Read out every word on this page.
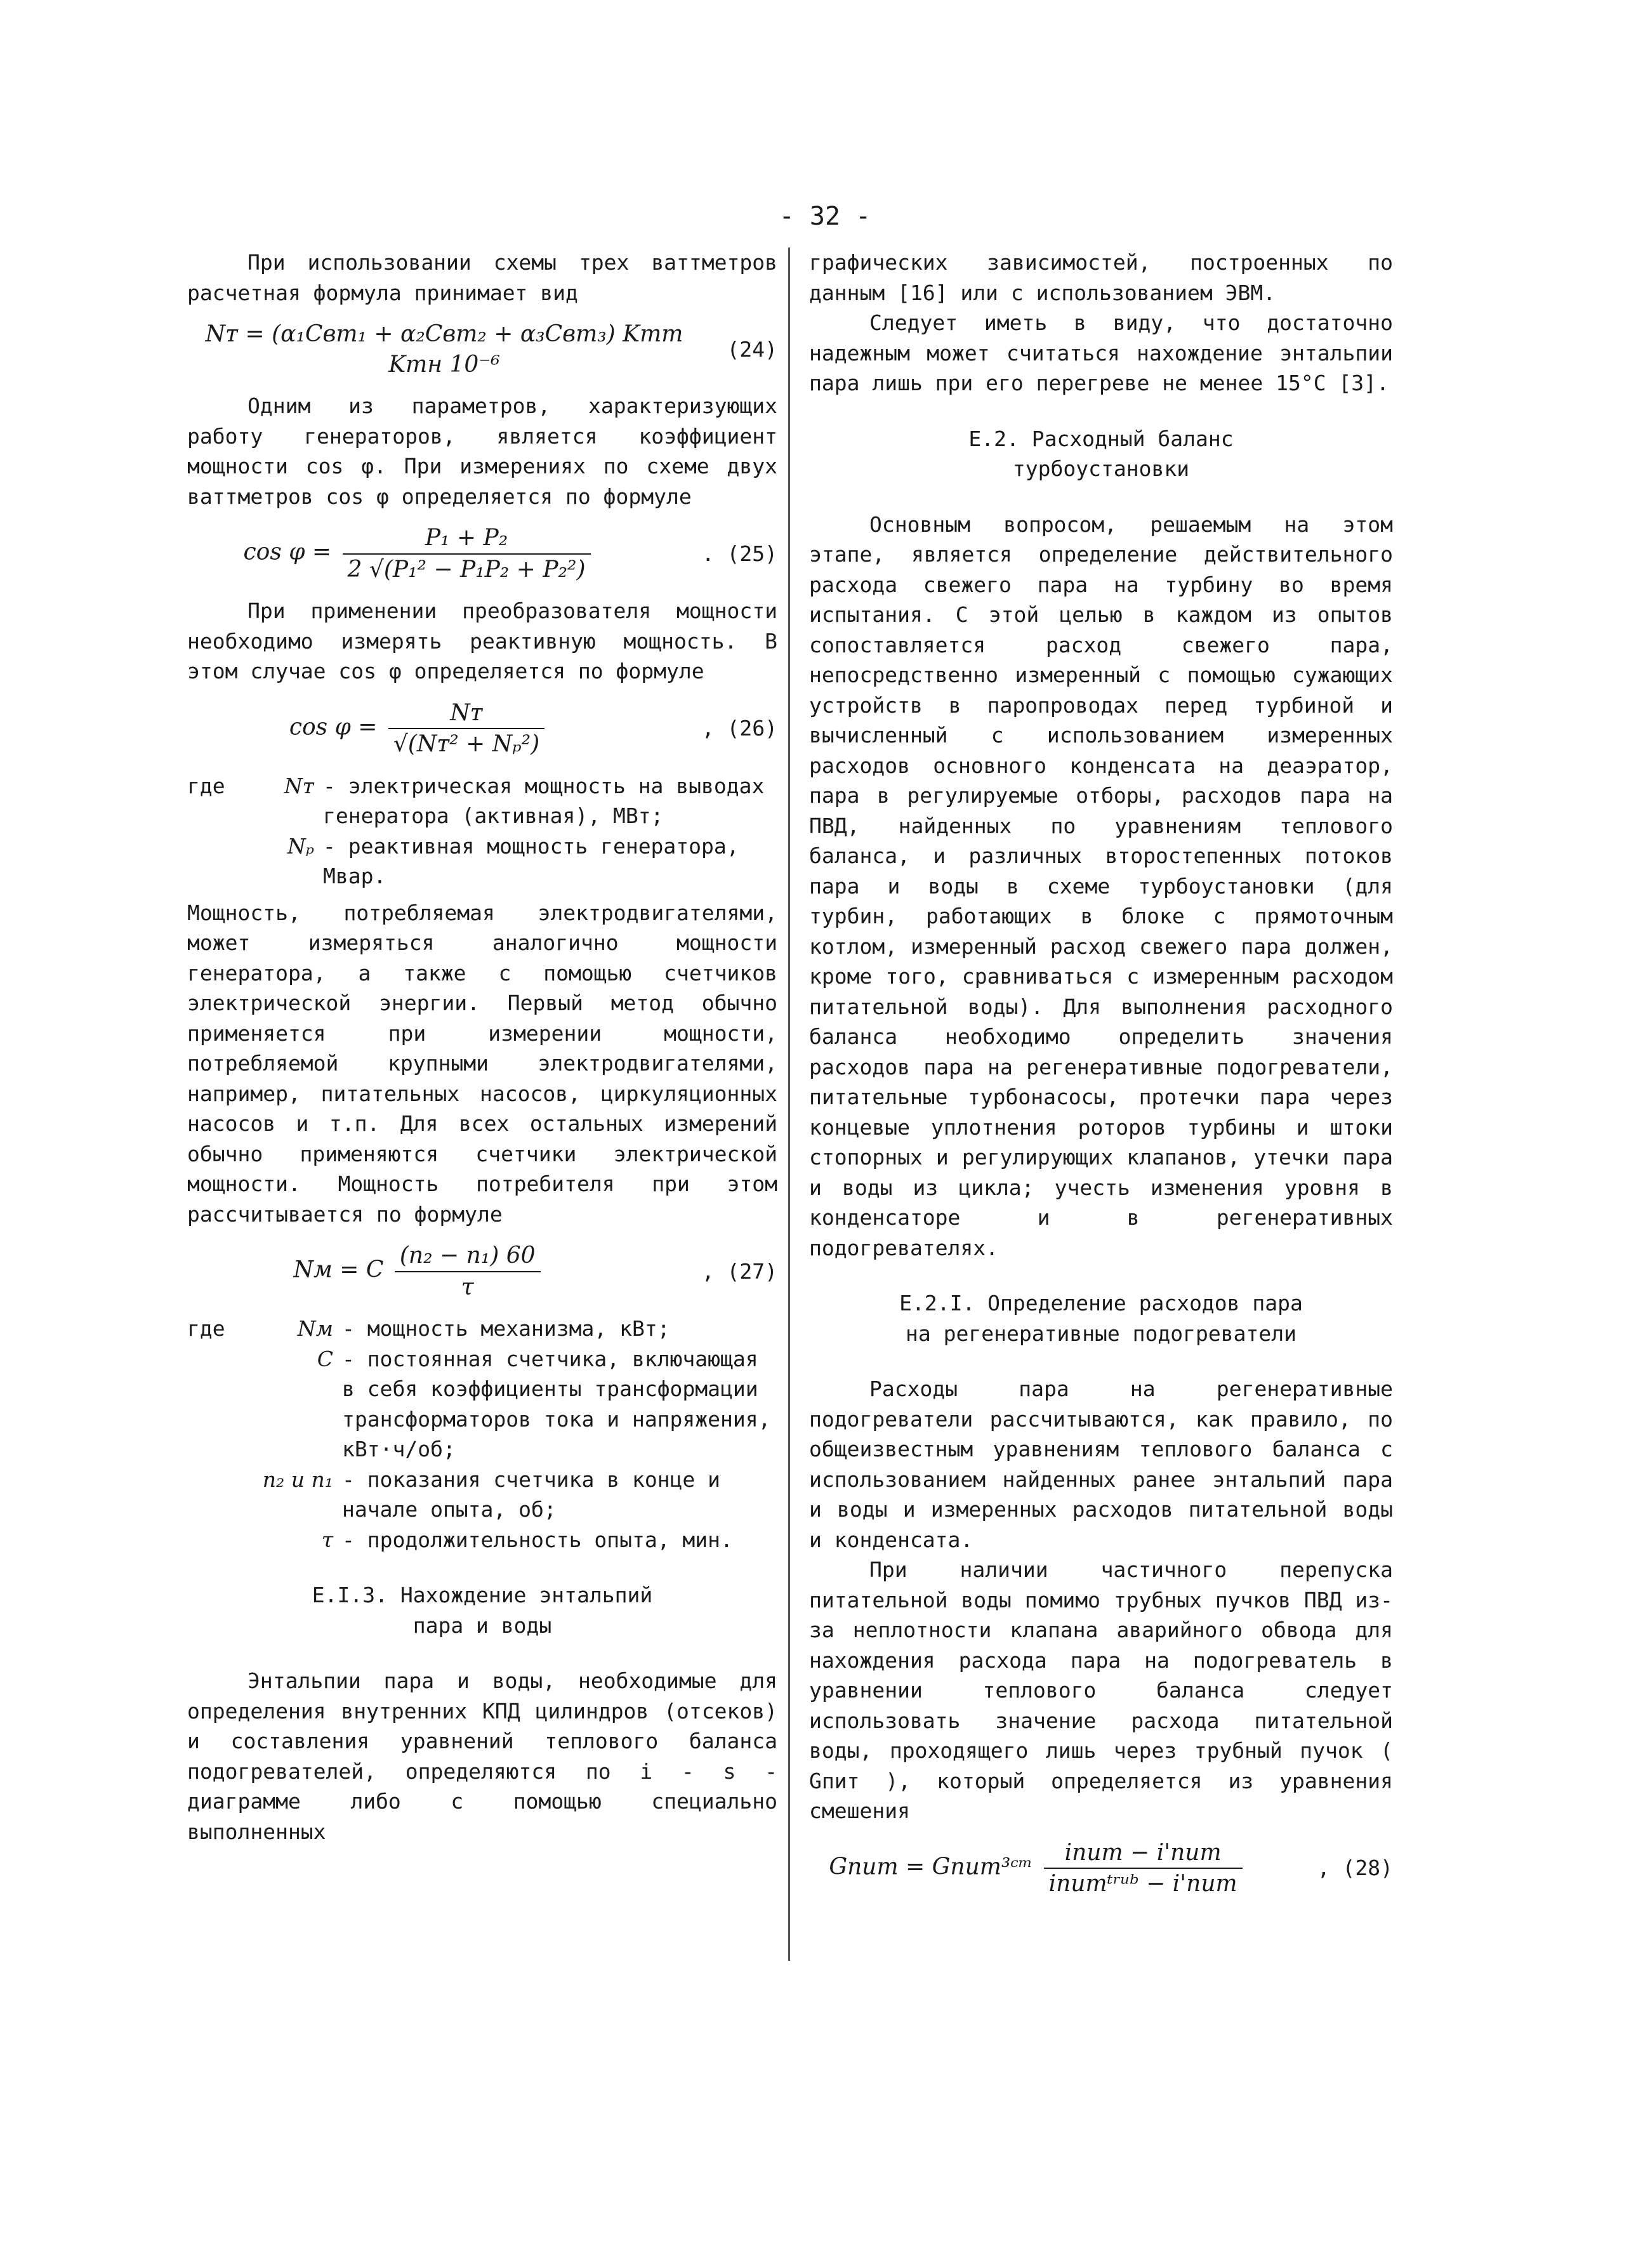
- 32 -

При использовании схемы трех ваттметров расчетная формула принимает вид

Nᴛ = (α₁Cвт₁ + α₂Cвт₂ + α₃Cвт₃) Kтт Kтн 10⁻⁶
(24)

Одним из параметров, характеризующих работу генераторов, является коэффициент мощности cos φ. При измерениях по схеме двух ваттметров cos φ определяется по формуле

$\cos \varphi = \frac{\text{P₁ + P₂}}{\text{2 √(P₁² − P₁P₂ + P₂²)}}$	. (25)

При применении преобразователя мощности необходимо измерять реактивную мощность. В этом случае cos φ определяется по формуле

$\cos \varphi = \frac{\text{Nᴛ}}{\text{√(Nᴛ² + Nₚ²)}}$	, (26)
где	Nᴛ - электрическая мощность на выводах генератора (активная), МВт;
Nₚ - реактивная мощность генератора, Мвар.

Мощность, потребляемая электродвигателями, может измеряться аналогично мощности генератора, а также с помощью счетчиков электрической энергии. Первый метод обычно применяется при измерении мощности, потребляемой крупными электродвигателями, например, питательных насосов, циркуляционных насосов и т.п. Для всех остальных измерений обычно применяются счетчики электрической мощности. Мощность потребителя при этом рассчитывается по формуле

Nм = C $\frac{\text{(n₂ − n₁) 60}}{\tau}$	, (27)
где	Nм - мощность механизма, кВт;
C - постоянная счетчика, включающая в себя коэффициенты трансформации трансформаторов тока и напряжения, кВт·ч/об;
n₂ и n₁ - показания счетчика в конце и начале опыта, об;
τ - продолжительность опыта, мин.

Е.I.3. Нахождение энтальпий

пара и воды

Энтальпии пара и воды, необходимые для определения внутренних КПД цилиндров (отсеков) и составления уравнений теплового баланса подогревателей, определяются по i - s - диаграмме либо с помощью специально выполненных

графических зависимостей, построенных по данным [16] или с использованием ЭВМ.

Следует иметь в виду, что достаточно надежным может считаться нахождение энтальпии пара лишь при его перегреве не менее 15°С [3].

Е.2. Расходный баланс

турбоустановки

Основным вопросом, решаемым на этом этапе, является определение действительного расхода свежего пара на турбину во время испытания. С этой целью в каждом из опытов сопоставляется расход свежего пара, непосредственно измеренный с помощью сужающих устройств в паропроводах перед турбиной и вычисленный с использованием измеренных расходов основного конденсата на деаэратор, пара в регулируемые отборы, расходов пара на ПВД, найденных по уравнениям теплового баланса, и различных второстепенных потоков пара и воды в схеме турбоустановки (для турбин, работающих в блоке с прямоточным котлом, измеренный расход свежего пара должен, кроме того, сравниваться с измеренным расходом питательной воды). Для выполнения расходного баланса необходимо определить значения расходов пара на регенеративные подогреватели, питательные турбонасосы, протечки пара через концевые уплотнения роторов турбины и штоки стопорных и регулирующих клапанов, утечки пара и воды из цикла; учесть изменения уровня в конденсаторе и в регенеративных подогревателях.

Е.2.I. Определение расходов пара

на регенеративные подогреватели

Расходы пара на регенеративные подогреватели рассчитываются, как правило, по общеизвестным уравнениям теплового баланса с использованием найденных ранее энтальпий пара и воды и измеренных расходов питательной воды и конденсата.

При наличии частичного перепуска питательной воды помимо трубных пучков ПВД из-за неплотности клапана аварийного обвода для нахождения расхода пара на подогреватель в уравнении теплового баланса следует использовать значение расхода питательной воды, проходящего лишь через трубный пучок ( Gпит ), который определяется из уравнения смешения

Gпит = Gпит³ᶜᵐ $\frac{\text{iпит − i'пит}}{\text{iпитᵗʳᵘᵇ − i'пит}}$	, (28)
